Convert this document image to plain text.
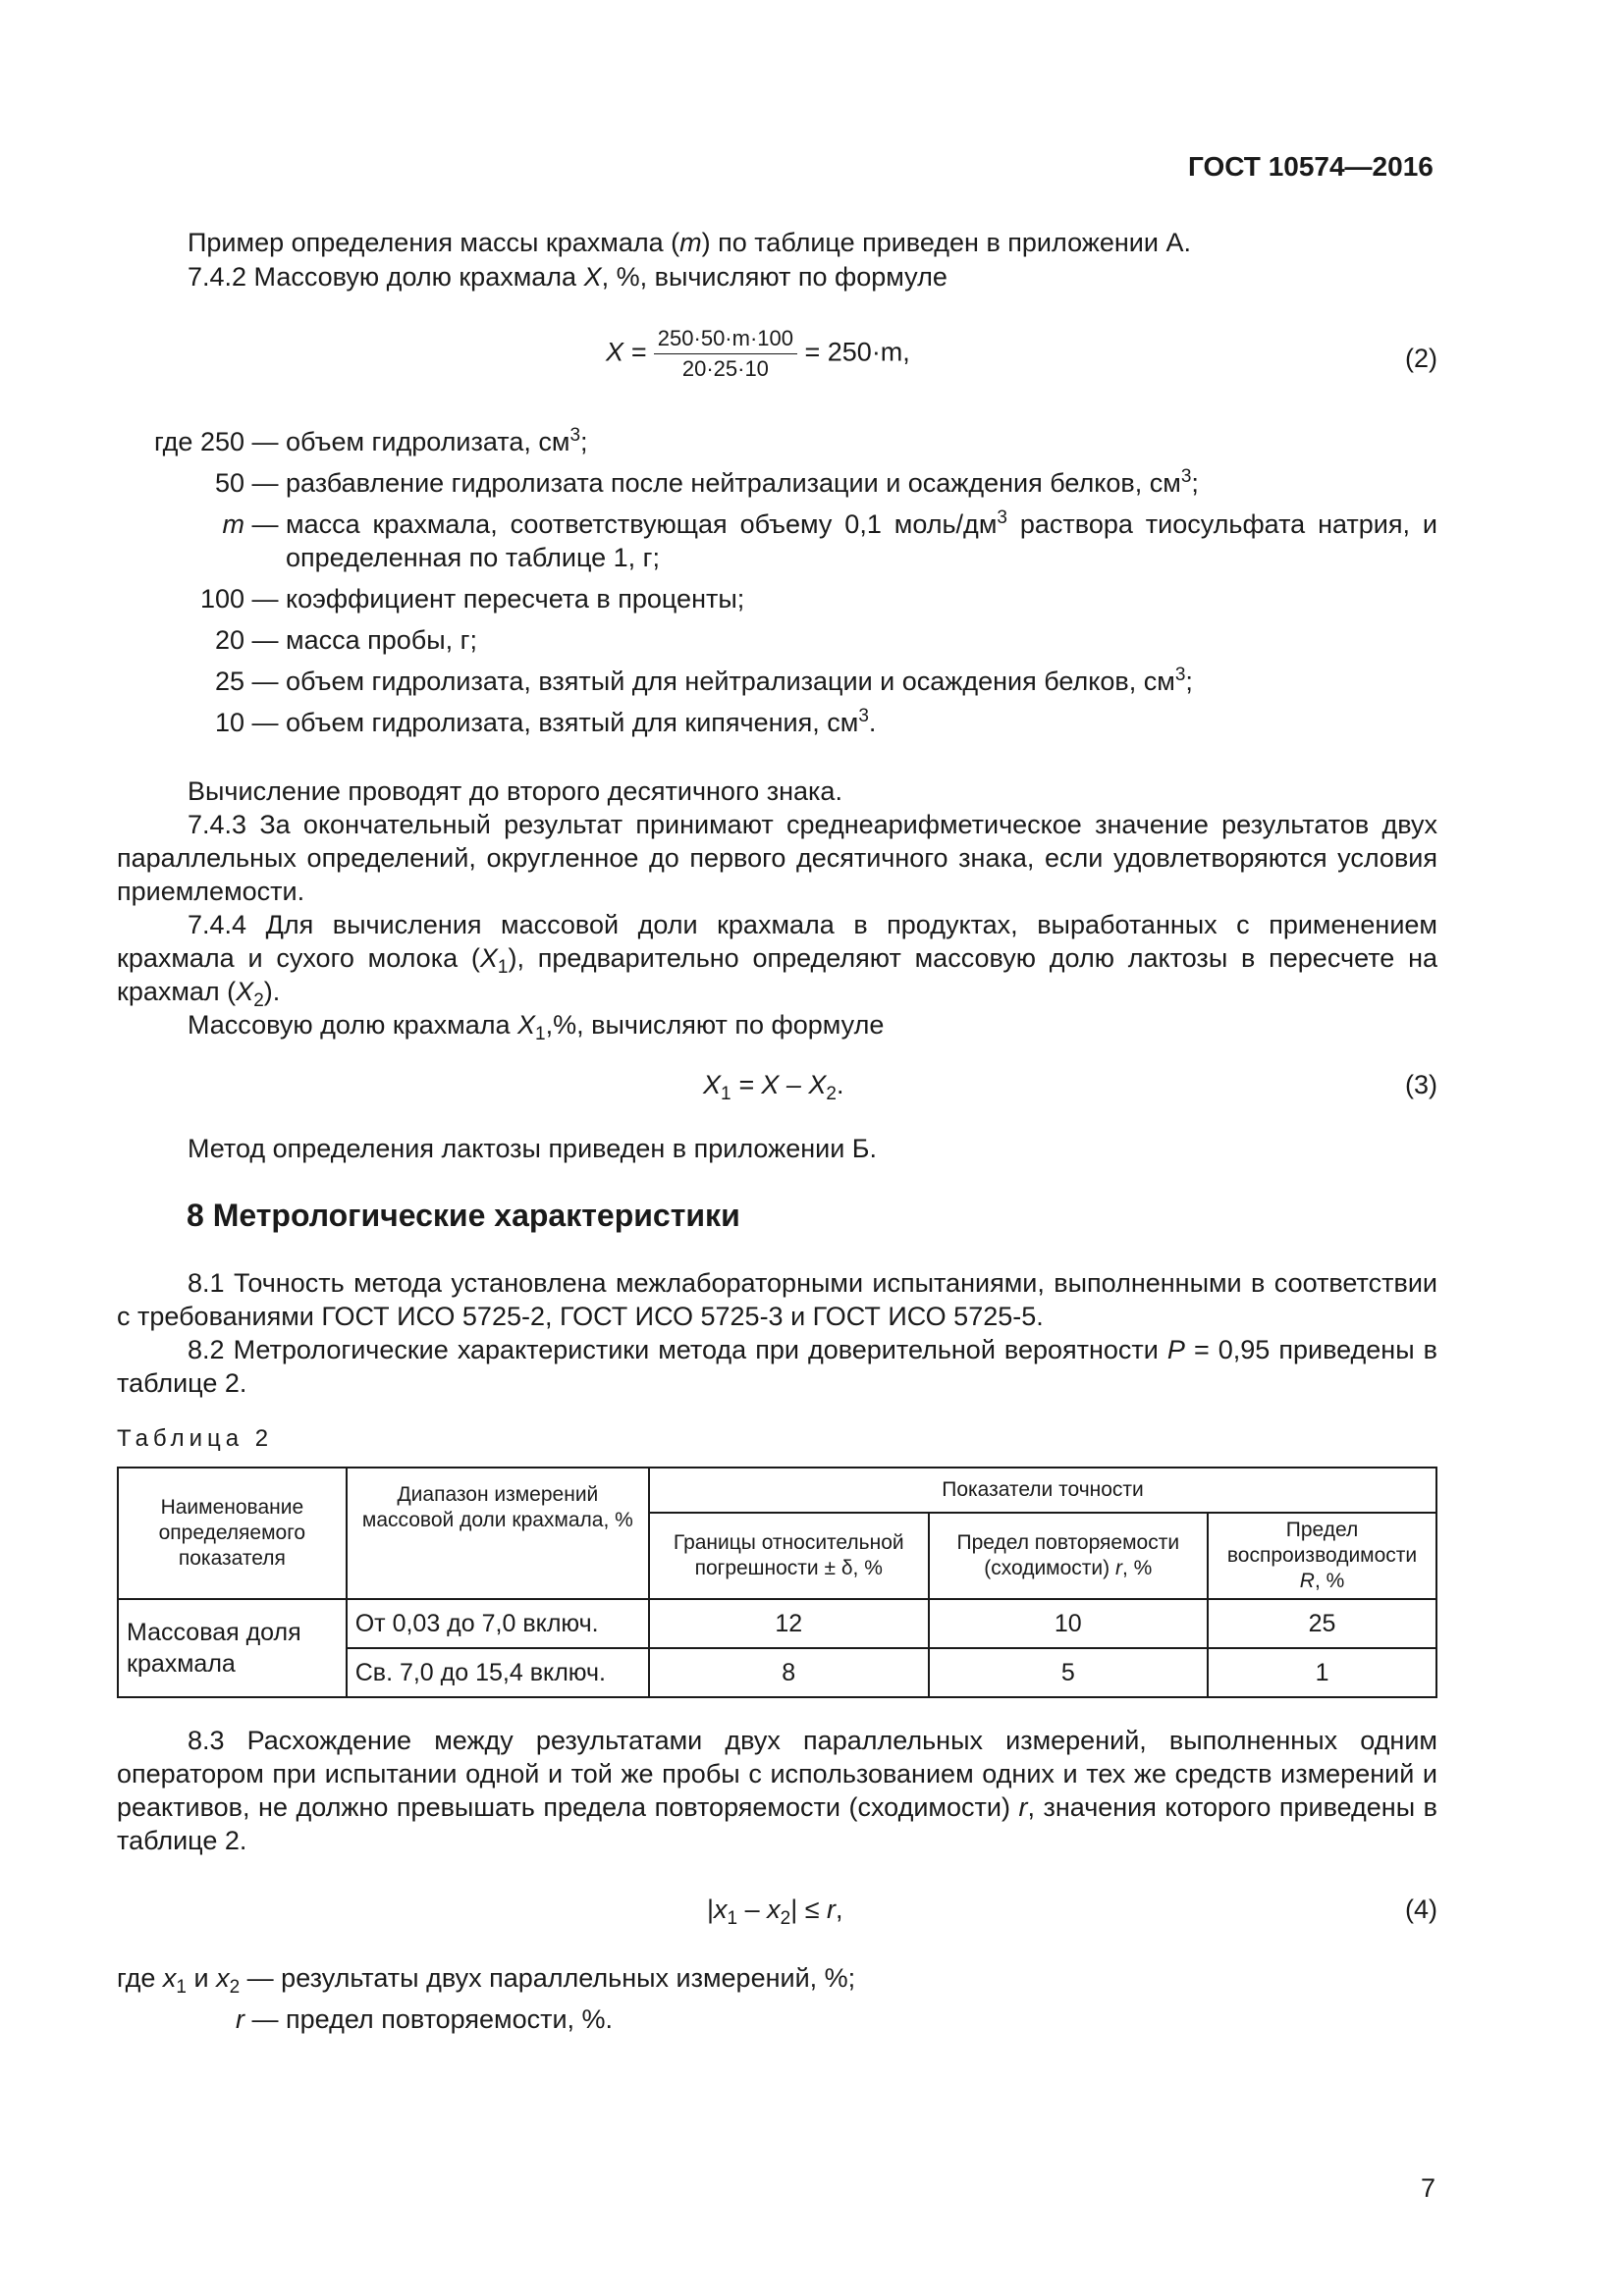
ГОСТ 10574—2016
Пример определения массы крахмала (m) по таблице приведен в приложении А.
7.4.2 Массовую долю крахмала X, %, вычисляют по формуле
$X = \frac{250\cdot 50\cdot m\cdot 100}{20\cdot 25\cdot 10} = 250\cdot m$,	(2)
где 250 — объем гидролизата, $см^3$;
50 — разбавление гидролизата после нейтрализации и осаждения белков, $см^3$;
m — масса крахмала, соответствующая объему 0,1 моль/$дм^3$ раствора тиосульфата натрия, и определенная по таблице 1, г;
100 — коэффициент пересчета в проценты;
20 — масса пробы, г;
25 — объем гидролизата, взятый для нейтрализации и осаждения белков, $см^3$;
10 — объем гидролизата, взятый для кипячения, $см^3$.
Вычисление проводят до второго десятичного знака.
7.4.3 За окончательный результат принимают среднеарифметическое значение результатов двух параллельных определений, округленное до первого десятичного знака, если удовлетворяются условия приемлемости.
7.4.4 Для вычисления массовой доли крахмала в продуктах, выработанных с применением крахмала и сухого молока $(X_1)$, предварительно определяют массовую долю лактозы в пересчете на крахмал $(X_2)$.
Массовую долю крахмала $X_1,\%$, вычисляют по формуле
$X_1 = X - X_2$.	(3)
Метод определения лактозы приведен в приложении Б.
8 Метрологические характеристики
8.1 Точность метода установлена межлабораторными испытаниями, выполненными в соответствии с требованиями ГОСТ ИСО 5725-2, ГОСТ ИСО 5725-3 и ГОСТ ИСО 5725-5.
8.2 Метрологические характеристики метода при доверительной вероятности P = 0,95 приведены в таблице 2.
Таблица 2
Наименование определяемого показателя	Диапазон измерений массовой доли крахмала, %	Показатели точности		
		Границы относительной погрешности ± δ, %	Предел повторяемости (сходимости) r, %	Предел воспроизводимости R, %
Массовая доля крахмала	От 0,03 до 7,0 включ.	12	10	25
	Св. 7,0 до 15,4 включ.	8	5	1
8.3 Расхождение между результатами двух параллельных измерений, выполненных одним оператором при испытании одной и той же пробы с использованием одних и тех же средств измерений и реактивов, не должно превышать предела повторяемости (сходимости) r, значения которого приведены в таблице 2.
$|x_1 - x_2| \le r$,	(4)
где $x_1$ и $x_2$ — результаты двух параллельных измерений, %;
r — предел повторяемости, %.
7
